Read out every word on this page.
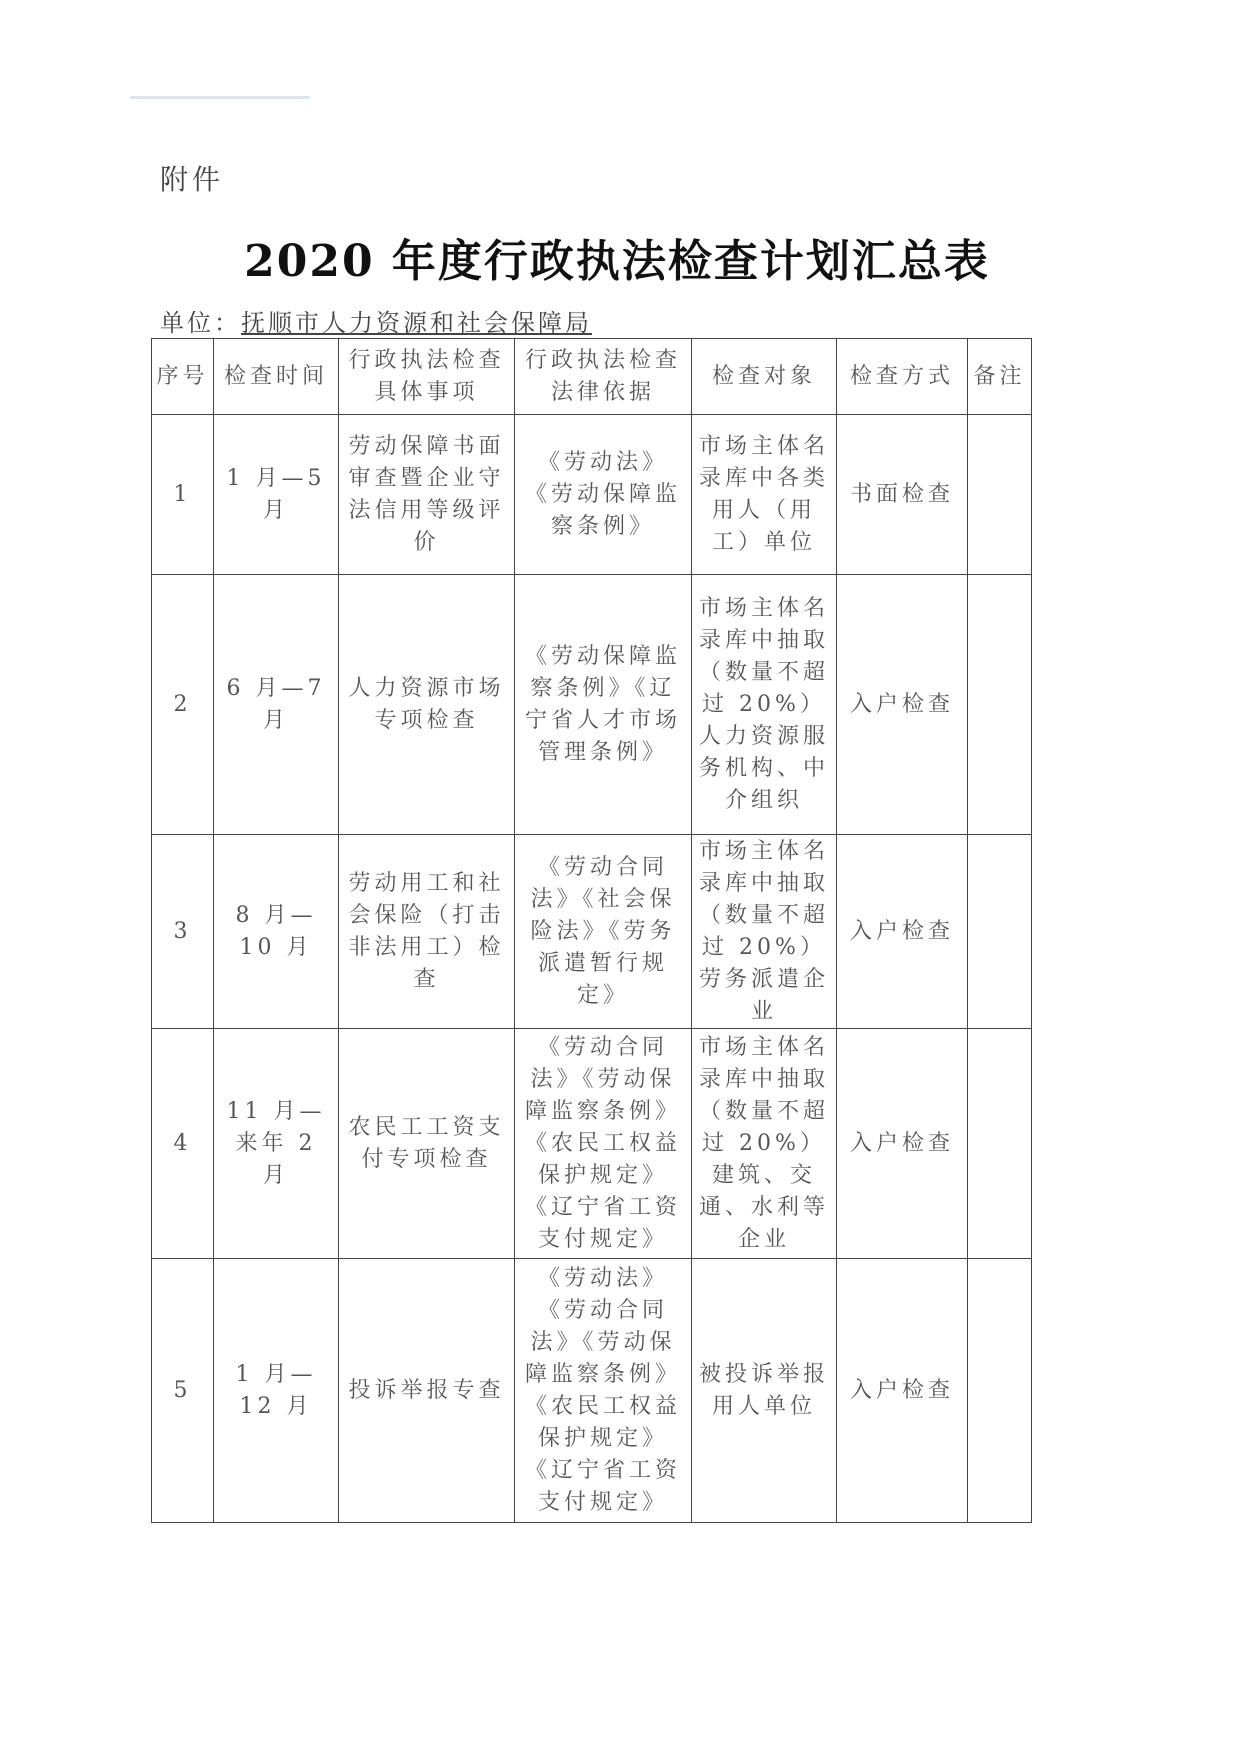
附件
2020 年度行政执法检查计划汇总表
单位：抚顺市人力资源和社会保障局
序号	检查时间	行政执法检查具体事项	行政执法检查法律依据	检查对象	检查方式	备注
1	1 月—5 月	劳动保障书面审查暨企业守法信用等级评价	《劳动法》《劳动保障监察条例》	市场主体名录库中各类用人（用工）单位	书面检查	
2	6 月—7 月	人力资源市场专项检查	《劳动保障监察条例》《辽宁省人才市场管理条例》	市场主体名录库中抽取（数量不超过 20%）人力资源服务机构、中介组织	入户检查	
3	8 月—10 月	劳动用工和社会保险（打击非法用工）检查	《劳动合同法》《社会保险法》《劳务派遣暂行规定》	市场主体名录库中抽取（数量不超过 20%）劳务派遣企业	入户检查	
4	11 月—来年 2 月	农民工工资支付专项检查	《劳动合同法》《劳动保障监察条例》《农民工权益保护规定》《辽宁省工资支付规定》	市场主体名录库中抽取（数量不超过 20%）建筑、交通、水利等企业	入户检查	
5	1 月—12 月	投诉举报专查	《劳动法》《劳动合同法》《劳动保障监察条例》《农民工权益保护规定》《辽宁省工资支付规定》	被投诉举报用人单位	入户检查	
